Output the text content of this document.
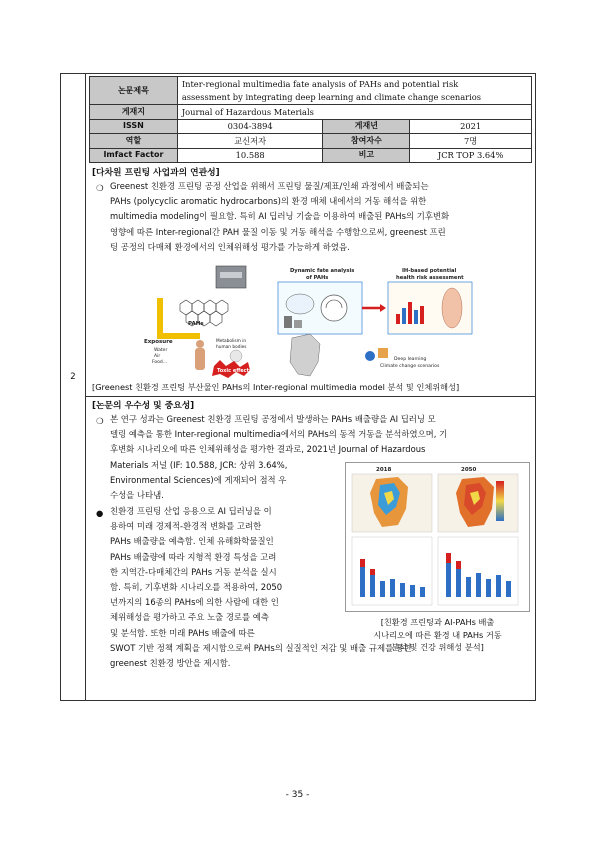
2
논문제목	Inter-regional multimedia fate analysis of PAHs and potential risk		
	assessment by integrating deep learning and climate change scenarios		
게재지	Journal of Hazardous Materials		
ISSN	0304-3894	게재년	2021
역할	교신저자	참여자수	7명
Imfact Factor	10.588	비고	JCR TOP 3.64%
[다차원 프린팅 사업과의 연관성]
❍ Greenest 친환경 프린팅 공정 산업을 위해서 프린팅 물질/제표/인쇄 과정에서 배출되는
PAHs (polycyclic aromatic hydrocarbons)의 환경 매체 내에서의 거동 해석을 위한
multimedia modeling이 필요함. 특히 AI 딥러닝 기술을 이용하여 배출된 PAHs의 기후변화
영향에 따른 Inter-regional간 PAH 물질 이동 및 거동 해석을 수행함으로써, greenest 프린
팅 공정의 다매체 환경에서의 인체위해성 평가를 가능하게 하였음.
PAHs
Exposure
Water
Air
Food...
Metabolism in
human bodies
Toxic effects
Dynamic fate analysis
of PAHs
Deep learning
Climate change scenarios
IH-based potential
health risk assessment
[Greenest 친환경 프린팅 부산물인 PAHs의 Inter-regional multimedia model 분석 및 인체위해성]
[논문의 우수성 및 중요성]
❍ 본 연구 성과는 Greenest 친환경 프린팅 공정에서 발생하는 PAHs 배출량을 AI 딥러닝 모
델링 예측을 통한 Inter-regional multimedia에서의 PAHs의 동적 거동을 분석하였으며, 기
후변화 시나리오에 따른 인체위해성을 평가한 결과로, 2021년 Journal of Hazardous
Materials 저널 (IF: 10.588, JCR: 상위 3.64%,
Environmental Sciences)에 게재되어 점적 우
수성을 나타냄.
● 친환경 프린팅 산업 응용으로 AI 딥러닝을 이
용하여 미래 경제적-환경적 변화를 고려한
PAHs 배출량을 예측함. 인체 유해화학물질인
PAHs 배출량에 따라 지형적 환경 특성을 고려
한 지역간-다매체간의 PAHs 거동 분석을 실시
함. 특히, 기후변화 시나리오를 적용하여, 2050
년까지의 16종의 PAHs에 의한 사람에 대한 인
체위해성을 평가하고 주요 노출 경로를 예측
및 분석함. 또한 미래 PAHs 배출에 따른
SWOT 기반 정책 계획을 제시함으로써 PAHs의 실질적인 저감 및 배출 규제를 통한
greenest 친환경 방안을 제시함.
2018	2050
[친환경 프린팅과 AI-PAHs 배출
시나리오에 따른 환경 내 PAHs 거동
분석 및 건강 위해성 분석]
- 35 -
